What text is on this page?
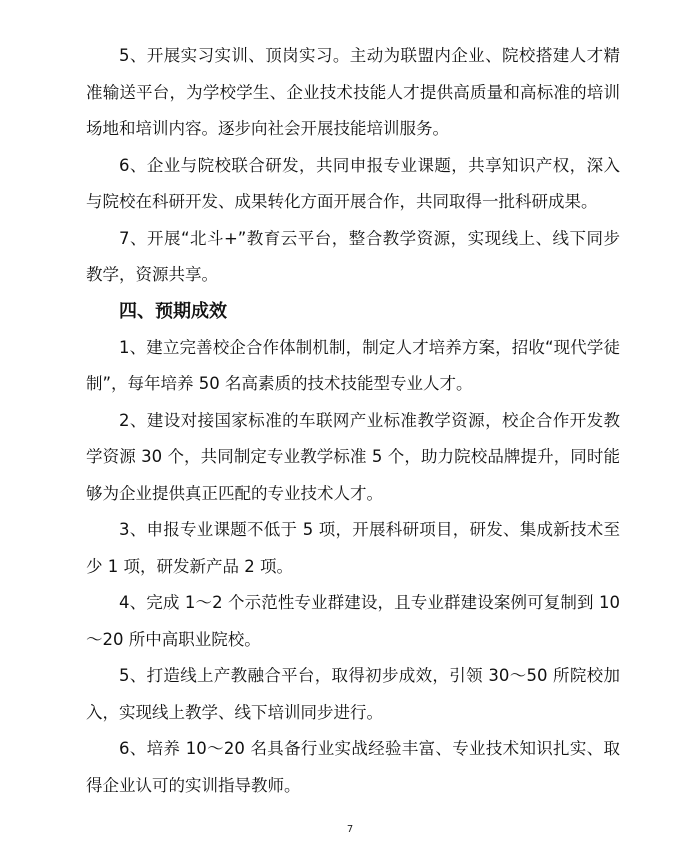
5、开展实习实训、顶岗实习。主动为联盟内企业、院校搭建人才精准输送平台，为学校学生、企业技术技能人才提供高质量和高标准的培训场地和培训内容。逐步向社会开展技能培训服务。

6、企业与院校联合研发，共同申报专业课题，共享知识产权，深入与院校在科研开发、成果转化方面开展合作，共同取得一批科研成果。

7、开展“北斗+”教育云平台，整合教学资源，实现线上、线下同步教学，资源共享。

四、预期成效

1、建立完善校企合作体制机制，制定人才培养方案，招收“现代学徒制”，每年培养 50 名高素质的技术技能型专业人才。

2、建设对接国家标准的车联网产业标准教学资源，校企合作开发教学资源 30 个，共同制定专业教学标准 5 个，助力院校品牌提升，同时能够为企业提供真正匹配的专业技术人才。

3、申报专业课题不低于 5 项，开展科研项目，研发、集成新技术至少 1 项，研发新产品 2 项。

4、完成 1～2 个示范性专业群建设，且专业群建设案例可复制到 10～20 所中高职业院校。

5、打造线上产教融合平台，取得初步成效，引领 30～50 所院校加入，实现线上教学、线下培训同步进行。

6、培养 10～20 名具备行业实战经验丰富、专业技术知识扎实、取得企业认可的实训指导教师。

7
